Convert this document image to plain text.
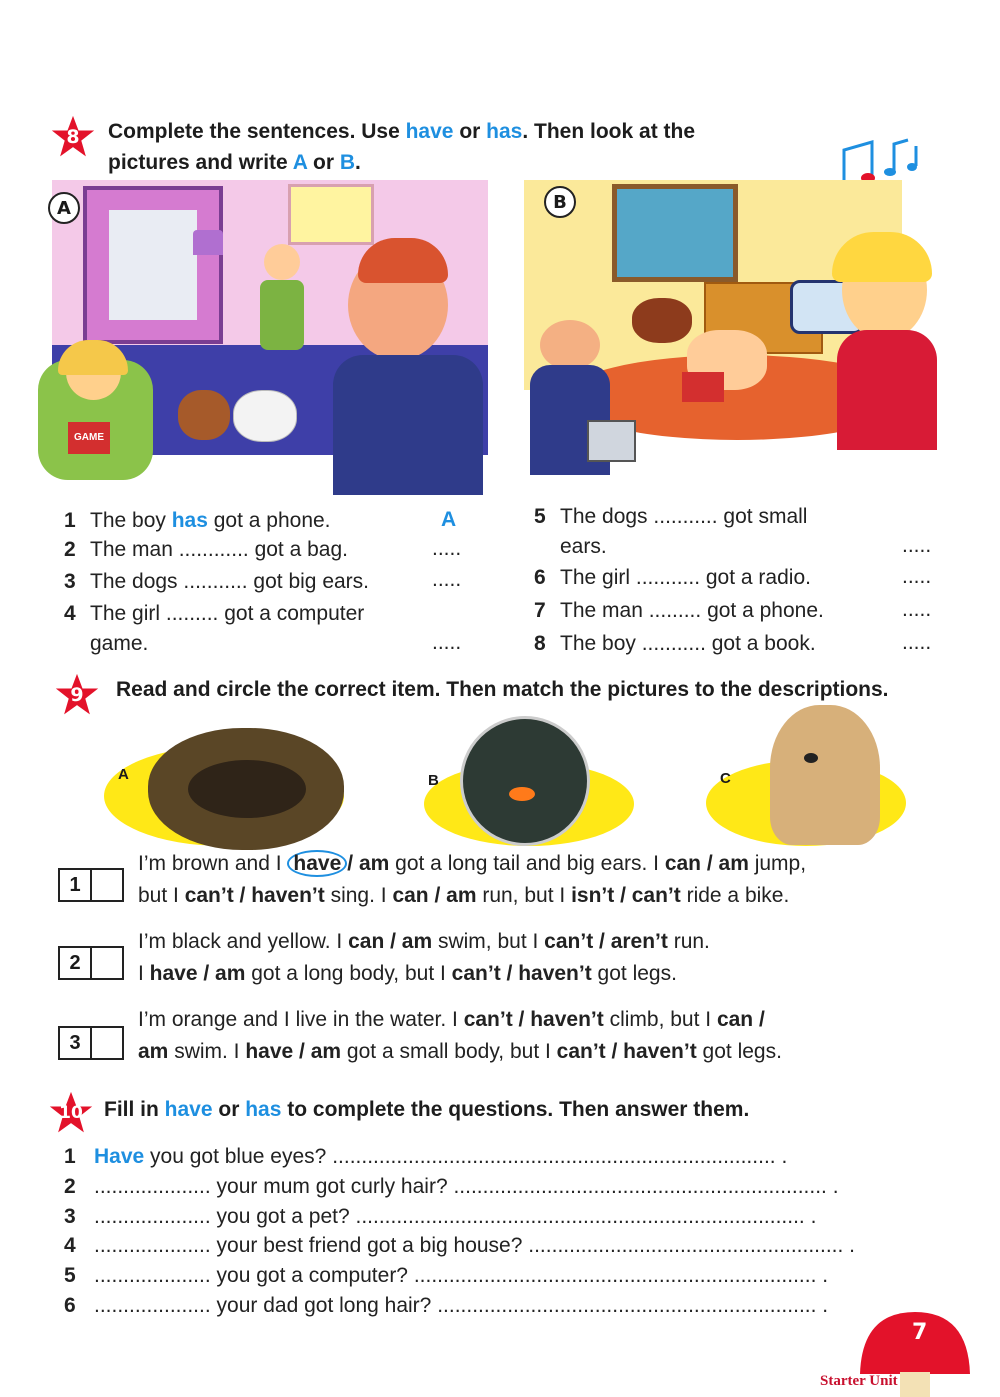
8	Complete the sentences. Use have or has. Then look at the
pictures and write A or B.
GAME
A	B
1 The boy has got a phone.	A
2 The man ............ got a bag.	.....
3 The dogs ........... got big ears.	.....
4 The girl ......... got a computer
game.	.....
5 The dogs ........... got small
ears.	.....
6 The girl ........... got a radio.	.....
7 The man ......... got a phone.	.....
8 The boy ........... got a book.	.....
9	Read and circle the correct item. Then match the pictures to the descriptions.
A	B	C
1
I’m brown and I have / am got a long tail and big ears. I can / am jump,
but I can’t / haven’t sing. I can / am run, but I isn’t / can’t ride a bike.
2
I’m black and yellow. I can / am swim, but I can’t / aren’t run.
I have / am got a long body, but I can’t / haven’t got legs.
3
I’m orange and I live in the water. I can’t / haven’t climb, but I can /
am swim. I have / am got a small body, but I can’t / haven’t got legs.
10	Fill in have or has to complete the questions. Then answer them.
1 Have you got blue eyes? ............................................................................ .
2 .................... your mum got curly hair? ................................................................ .
3 .................... you got a pet? ............................................................................. .
4 .................... your best friend got a big house? ...................................................... .
5 .................... you got a computer? ..................................................................... .
6 .................... your dad got long hair? ................................................................. .
7
Starter Unit
